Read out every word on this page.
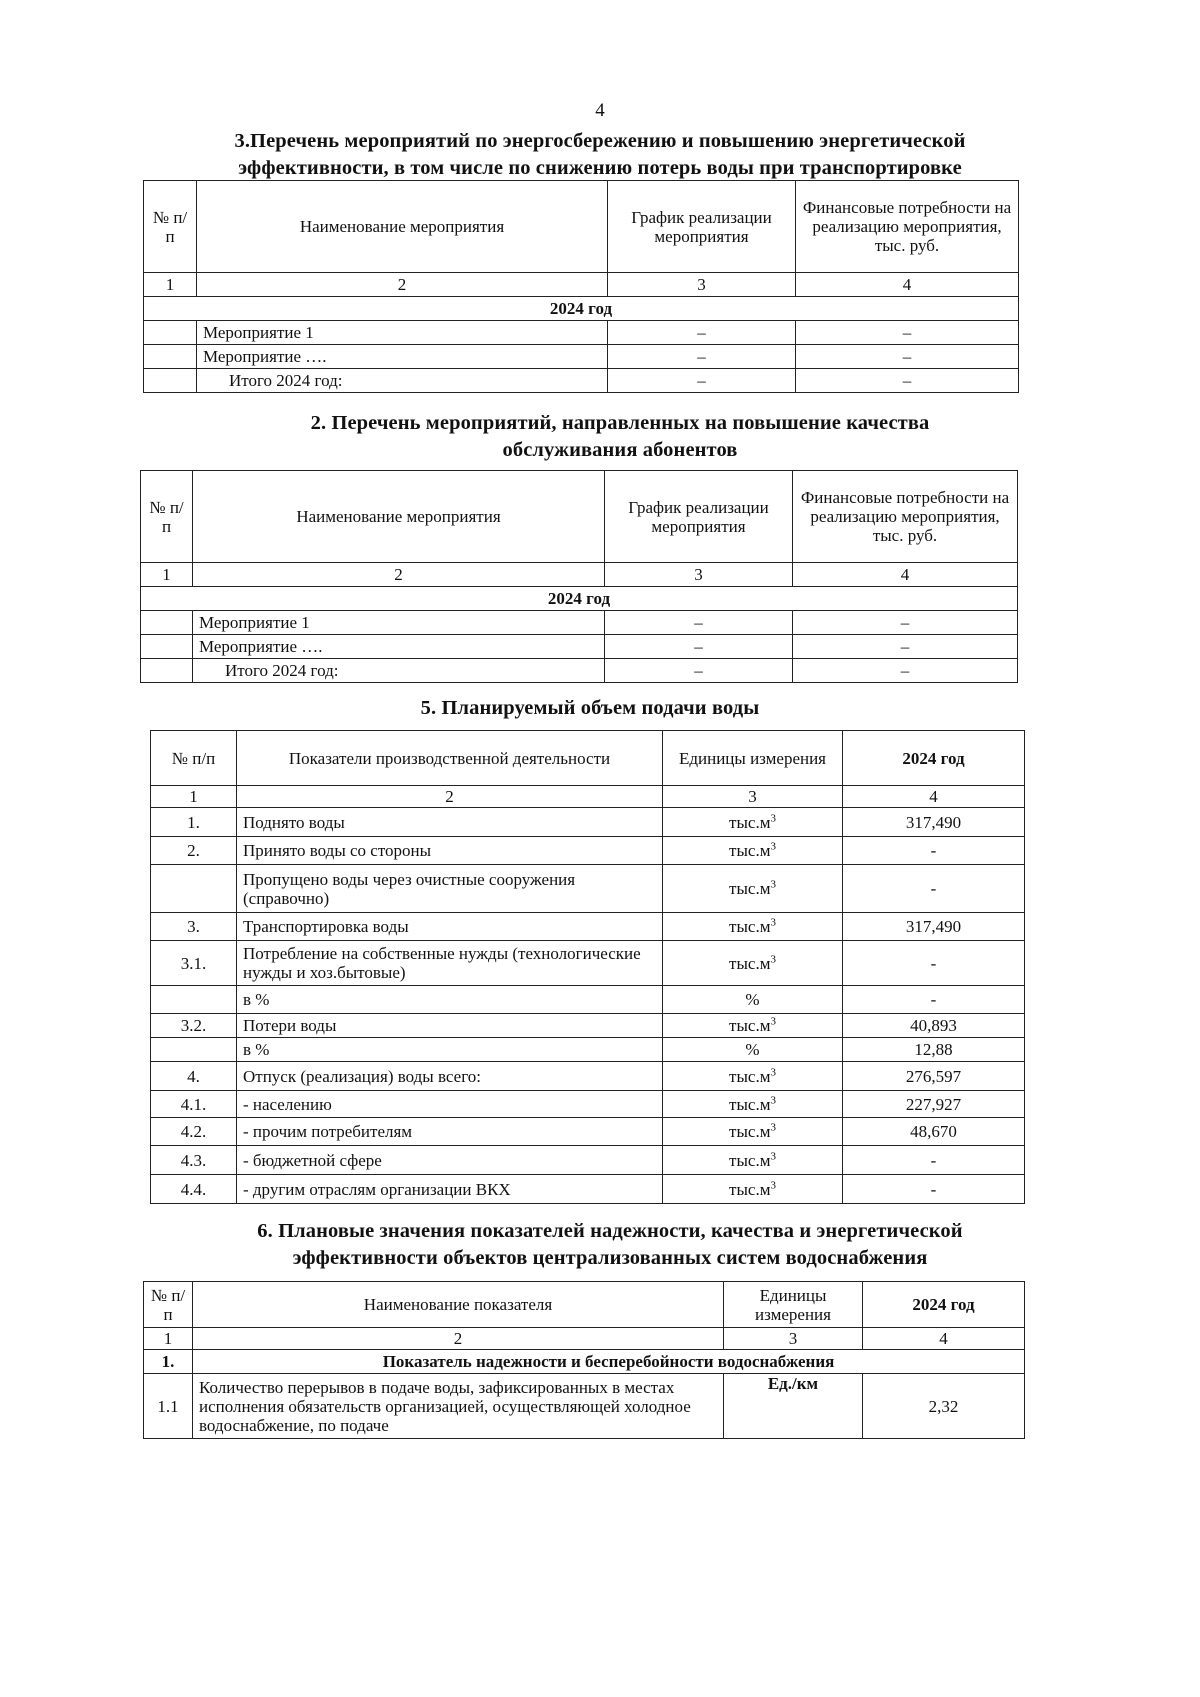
4
3.Перечень мероприятий по энергосбережению и повышению энергетической
эффективности, в том числе по снижению потерь воды при транспортировке
№ п/п	Наименование мероприятия	График реализации мероприятия	Финансовые потребности на реализацию мероприятия, тыс. руб.
1	2	3	4
2024 год			
	Мероприятие 1	–	–
	Мероприятие ….	–	–
	Итого 2024 год:	–	–
2. Перечень мероприятий, направленных на повышение качества
обслуживания абонентов
№ п/п	Наименование мероприятия	График реализации мероприятия	Финансовые потребности на реализацию мероприятия, тыс. руб.
1	2	3	4
2024 год			
	Мероприятие 1	–	–
	Мероприятие ….	–	–
	Итого 2024 год:	–	–
5. Планируемый объем подачи воды
№ п/п	Показатели производственной деятельности	Единицы измерения	2024 год
1	2	3	4
1.	Поднято воды	$тыс.м^3$	317,490
2.	Принято воды со стороны	$тыс.м^3$	-
	Пропущено воды через очистные сооружения (справочно)	$тыс.м^3$	-
3.	Транспортировка воды	$тыс.м^3$	317,490
3.1.	Потребление на собственные нужды (технологические нужды и хоз.бытовые)	$тыс.м^3$	-
	в %	%	-
3.2.	Потери воды	$тыс.м^3$	40,893
	в %	%	12,88
4.	Отпуск (реализация) воды всего:	$тыс.м^3$	276,597
4.1.	- населению	$тыс.м^3$	227,927
4.2.	- прочим потребителям	$тыс.м^3$	48,670
4.3.	- бюджетной сфере	$тыс.м^3$	-
4.4.	- другим отраслям организации ВКХ	$тыс.м^3$	-
6. Плановые значения показателей надежности, качества и энергетической
эффективности объектов централизованных систем водоснабжения
№ п/п	Наименование показателя	Единицы измерения	2024 год
1	2	3	4
1.	Показатель надежности и бесперебойности водоснабжения		
1.1	Количество перерывов в подаче воды, зафиксированных в местах исполнения обязательств организацией, осуществляющей холодное водоснабжение, по подаче	Ед./км	2,32
